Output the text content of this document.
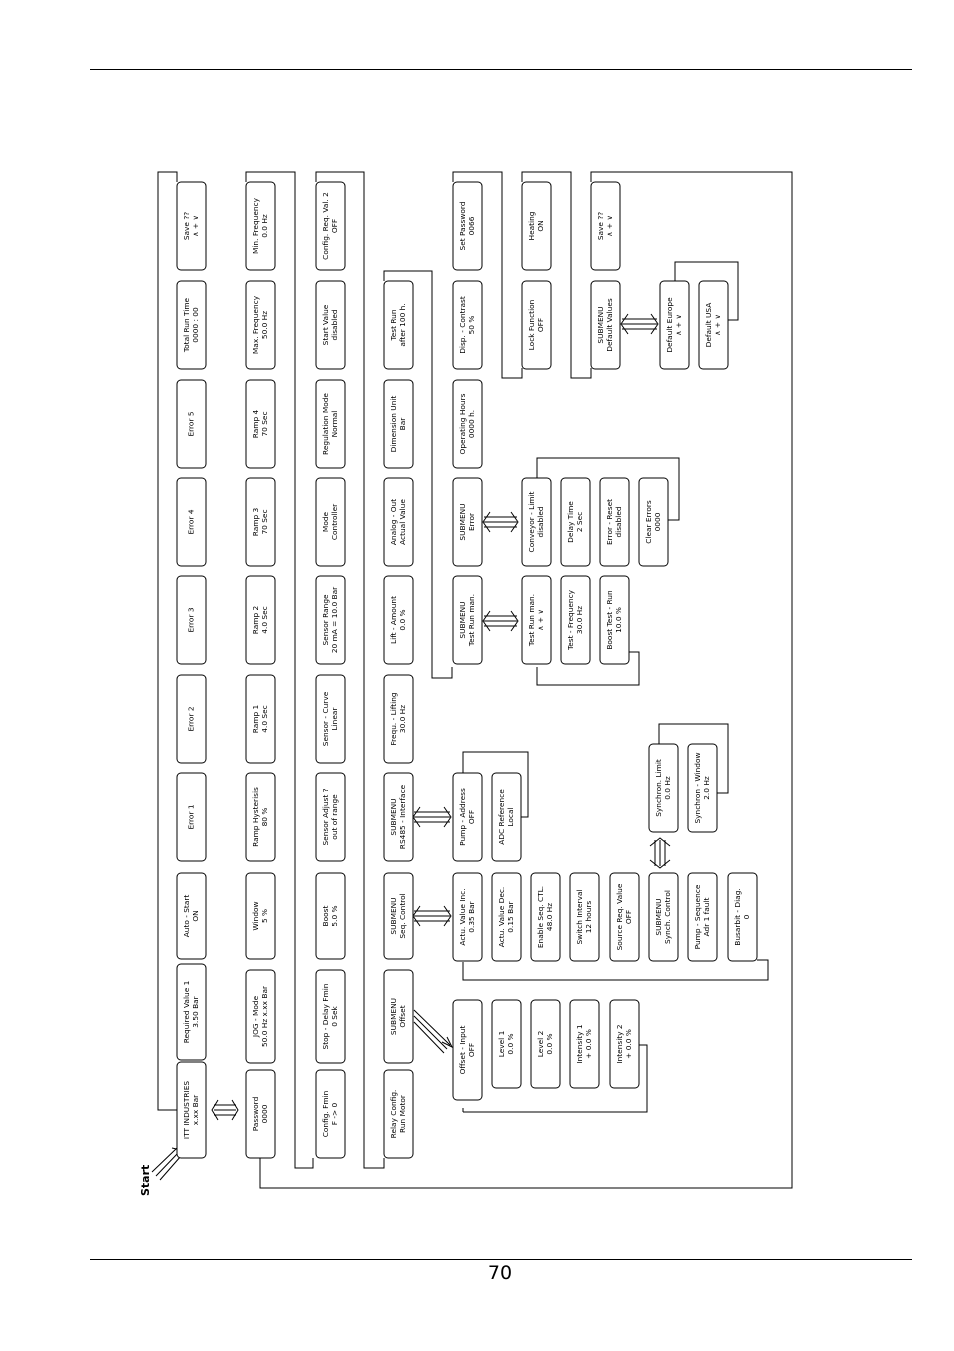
ITT INDUSTRIES x.xx Bar
Required Value 1 3.50 Bar
Auto - Start ON
Error 1
Error 2
Error 3
Error 4
Error 5
Total Run Time 0000 : 00
Save ?? ∧ + ∨
Password 0000
JOG - Mode 50.0 Hz x.xx Bar
Window 5 %
Ramp Hysterisis 80 %
Ramp 1 4.0 Sec
Ramp 2 4.0 Sec
Ramp 3 70 Sec
Ramp 4 70 Sec
Max. Frequency 50.0 Hz
Min. Frequency 0.0 Hz
Config. Fmin F -> 0
Stop - Delay Fmin 0 Sek
Boost 5.0 %
Sensor Adjust ? out of range
Sensor - Curve Linear
Sensor Range 20 mA = 10.0 Bar
Mode Controller
Regulation Mode Normal
Start Value disabled
Config. Req. Val. 2 OFF
Relay Config. Run Motor
SUBMENU Offset
SUBMENU Seq. Control
SUBMENU RS485 - Interface
Frequ. - Lifting 30.0 Hz
Lift - Amount 0.0 %
Analog - Out Actual Value
Dimension Unit Bar
Test Run after 100 h.
Offset - Input OFF	Level 1 0.0 %	Level 2 0.0 %	Intensity 1 + 0.0 %	Intensity 2 + 0.0 %
Actu. Value Inc. 0.35 Bar	Actu. Value Dec. 0.15 Bar	Enable Seq. CTL. 48.0 Hz	Switch Interval 12 hours	Source Req. Value OFF	SUBMENU Synch. Control	Pump - Sequence Adr 1 fault	Busarbit - Diag. 0
Pump - Address OFF	ADC Reference Local
Synchron. Limit 0.0 Hz	Synchron - Window 2.0 Hz
SUBMENU Test Run man.
SUBMENU Error
Operating Hours 0000 h.
Disp. - Contrast 50 %
Set Password 0066
Test Run man. ∧ + ∨	Test - Frequency 30.0 Hz	Boost Test - Run 10.0 %
Conveyor - Limit disabled	Delay Time 2 Sec	Error - Reset disabled	Clear Errors 0000
Lock Function OFF
Heating ON
SUBMENU Default Values
Save ?? ∧ + ∨
Default Europe ∧ + ∨	Default USA ∧ + ∨
Start
70
